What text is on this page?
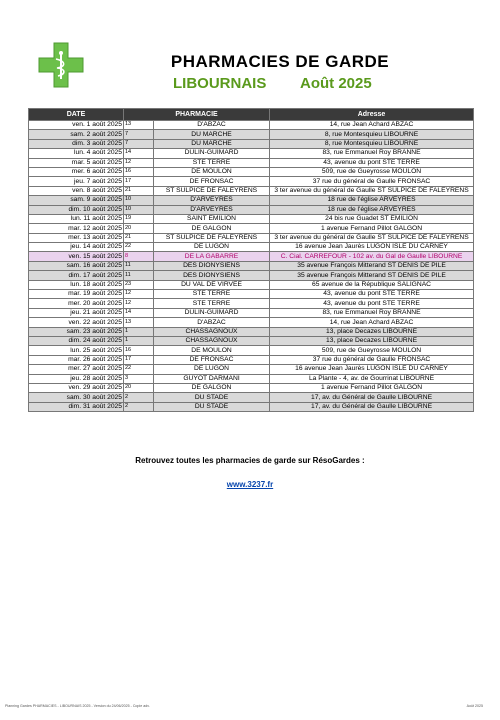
PHARMACIES DE GARDE
LIBOURNAIS Août 2025
DATE	PHARMACIE		Adresse
ven. 1 août 2025	13	D'ABZAC	14, rue Jean Achard ABZAC
sam. 2 août 2025	7	DU MARCHE	8, rue Montesquieu LIBOURNE
dim. 3 août 2025	7	DU MARCHE	8, rue Montesquieu LIBOURNE
lun. 4 août 2025	14	DULIN-GUIMARD	83, rue Emmanuel Roy BRANNE
mar. 5 août 2025	12	STE TERRE	43, avenue du pont STE TERRE
mer. 6 août 2025	16	DE MOULON	509, rue de Gueyrosse MOULON
jeu. 7 août 2025	17	DE FRONSAC	37 rue du général de Gaulle FRONSAC
ven. 8 août 2025	21	ST SULPICE DE FALEYRENS	3 ter avenue du général de Gaulle ST SULPICE DE FALEYRENS
sam. 9 août 2025	10	D'ARVEYRES	18 rue de l'église ARVEYRES
dim. 10 août 2025	10	D'ARVEYRES	18 rue de l'église ARVEYRES
lun. 11 août 2025	19	SAINT EMILION	24 bis rue Guadet ST EMILION
mar. 12 août 2025	20	DE GALGON	1 avenue Fernand Pillot GALGON
mer. 13 août 2025	21	ST SULPICE DE FALEYRENS	3 ter avenue du général de Gaulle ST SULPICE DE FALEYRENS
jeu. 14 août 2025	22	DE LUGON	16 avenue Jean Jaurès LUGON ISLE DU CARNEY
ven. 15 août 2025	8	DE LA GABARRE	C. Cial. CARREFOUR - 102 av. du Gal de Gaulle LIBOURNE
sam. 16 août 2025	11	DES DIONYSIENS	35 avenue François Mitterand ST DENIS DE PILE
dim. 17 août 2025	11	DES DIONYSIENS	35 avenue François Mitterand ST DENIS DE PILE
lun. 18 août 2025	23	DU VAL DE VIRVEE	65 avenue de la République SALIGNAC
mar. 19 août 2025	12	STE TERRE	43, avenue du pont STE TERRE
mer. 20 août 2025	12	STE TERRE	43, avenue du pont STE TERRE
jeu. 21 août 2025	14	DULIN-GUIMARD	83, rue Emmanuel Roy BRANNE
ven. 22 août 2025	13	D'ABZAC	14, rue Jean Achard ABZAC
sam. 23 août 2025	1	CHASSAGNOUX	13, place Decazes LIBOURNE
dim. 24 août 2025	1	CHASSAGNOUX	13, place Decazes LIBOURNE
lun. 25 août 2025	16	DE MOULON	509, rue de Gueyrosse MOULON
mar. 26 août 2025	17	DE FRONSAC	37 rue du général de Gaulle FRONSAC
mer. 27 août 2025	22	DE LUGON	16 avenue Jean Jaurès LUGON ISLE DU CARNEY
jeu. 28 août 2025	3	GUYOT DARMANI	La Plante - 4, av. de Gourrinat LIBOURNE
ven. 29 août 2025	20	DE GALGON	1 avenue Fernand Pillot GALGON
sam. 30 août 2025	2	DU STADE	17, av. du Général de Gaulle LIBOURNE
dim. 31 août 2025	2	DU STADE	17, av. du Général de Gaulle LIBOURNE
Retrouvez toutes les pharmacies de garde sur RésoGardes :
www.3237.fr
Planning Gardes PHARMACIES - LIBOURNAIS 2025 - Version du 24/06/2025 - Copie adv.	Août 2025
